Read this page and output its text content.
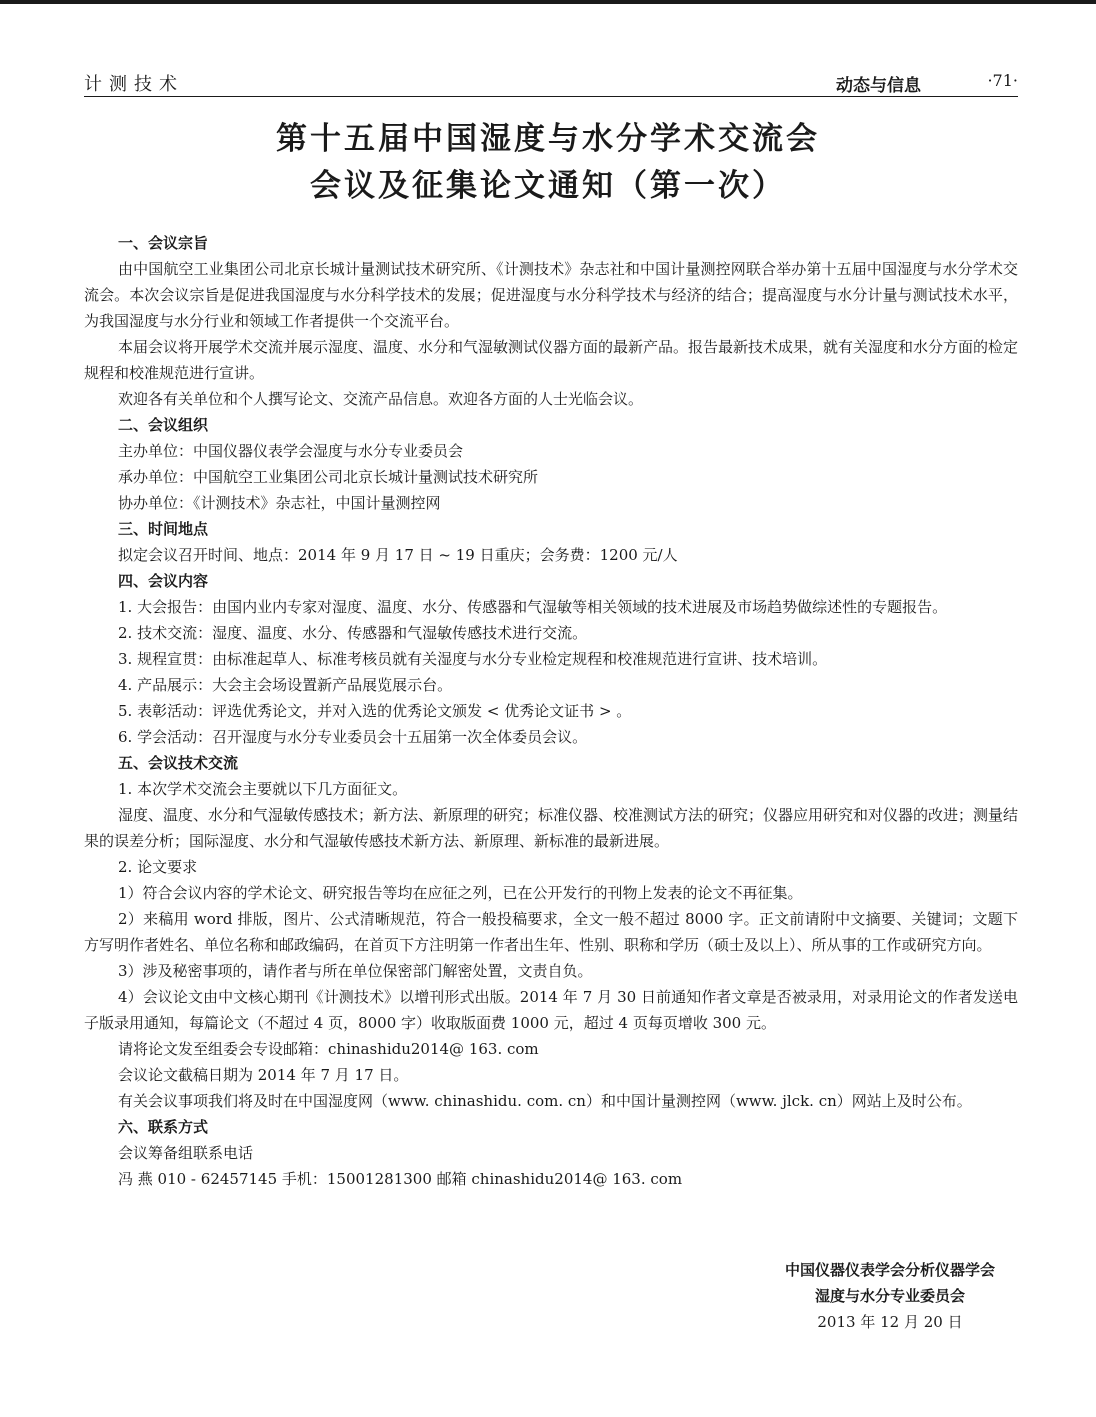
计测技术	动态与信息	·71·
第十五届中国湿度与水分学术交流会
会议及征集论文通知（第一次）
一、会议宗旨
由中国航空工业集团公司北京长城计量测试技术研究所、《计测技术》杂志社和中国计量测控网联合举办第十五届中国湿度与水分学术交流会。本次会议宗旨是促进我国湿度与水分科学技术的发展；促进湿度与水分科学技术与经济的结合；提高湿度与水分计量与测试技术水平，为我国湿度与水分行业和领域工作者提供一个交流平台。
本届会议将开展学术交流并展示湿度、温度、水分和气湿敏测试仪器方面的最新产品。报告最新技术成果，就有关湿度和水分方面的检定规程和校准规范进行宣讲。
欢迎各有关单位和个人撰写论文、交流产品信息。欢迎各方面的人士光临会议。
二、会议组织
主办单位：中国仪器仪表学会湿度与水分专业委员会
承办单位：中国航空工业集团公司北京长城计量测试技术研究所
协办单位：《计测技术》杂志社，中国计量测控网
三、时间地点
拟定会议召开时间、地点：2014 年 9 月 17 日 ~ 19 日重庆；会务费：1200 元/人
四、会议内容
1. 大会报告：由国内业内专家对湿度、温度、水分、传感器和气湿敏等相关领域的技术进展及市场趋势做综述性的专题报告。
2. 技术交流：湿度、温度、水分、传感器和气湿敏传感技术进行交流。
3. 规程宣贯：由标准起草人、标准考核员就有关湿度与水分专业检定规程和校准规范进行宣讲、技术培训。
4. 产品展示：大会主会场设置新产品展览展示台。
5. 表彰活动：评选优秀论文，并对入选的优秀论文颁发 < 优秀论文证书 > 。
6. 学会活动：召开湿度与水分专业委员会十五届第一次全体委员会议。
五、会议技术交流
1. 本次学术交流会主要就以下几方面征文。
湿度、温度、水分和气湿敏传感技术；新方法、新原理的研究；标准仪器、校准测试方法的研究；仪器应用研究和对仪器的改进；测量结果的误差分析；国际湿度、水分和气湿敏传感技术新方法、新原理、新标准的最新进展。
2. 论文要求
1）符合会议内容的学术论文、研究报告等均在应征之列，已在公开发行的刊物上发表的论文不再征集。
2）来稿用 word 排版，图片、公式清晰规范，符合一般投稿要求，全文一般不超过 8000 字。正文前请附中文摘要、关键词；文题下方写明作者姓名、单位名称和邮政编码，在首页下方注明第一作者出生年、性别、职称和学历（硕士及以上）、所从事的工作或研究方向。
3）涉及秘密事项的，请作者与所在单位保密部门解密处置，文责自负。
4）会议论文由中文核心期刊《计测技术》以增刊形式出版。2014 年 7 月 30 日前通知作者文章是否被录用，对录用论文的作者发送电子版录用通知，每篇论文（不超过 4 页，8000 字）收取版面费 1000 元，超过 4 页每页增收 300 元。
请将论文发至组委会专设邮箱：chinashidu2014@ 163. com
会议论文截稿日期为 2014 年 7 月 17 日。
有关会议事项我们将及时在中国湿度网（www. chinashidu. com. cn）和中国计量测控网（www. jlck. cn）网站上及时公布。
六、联系方式
会议筹备组联系电话
冯 燕 010 - 62457145 手机：15001281300 邮箱 chinashidu2014@ 163. com
中国仪器仪表学会分析仪器学会
湿度与水分专业委员会
2013 年 12 月 20 日
